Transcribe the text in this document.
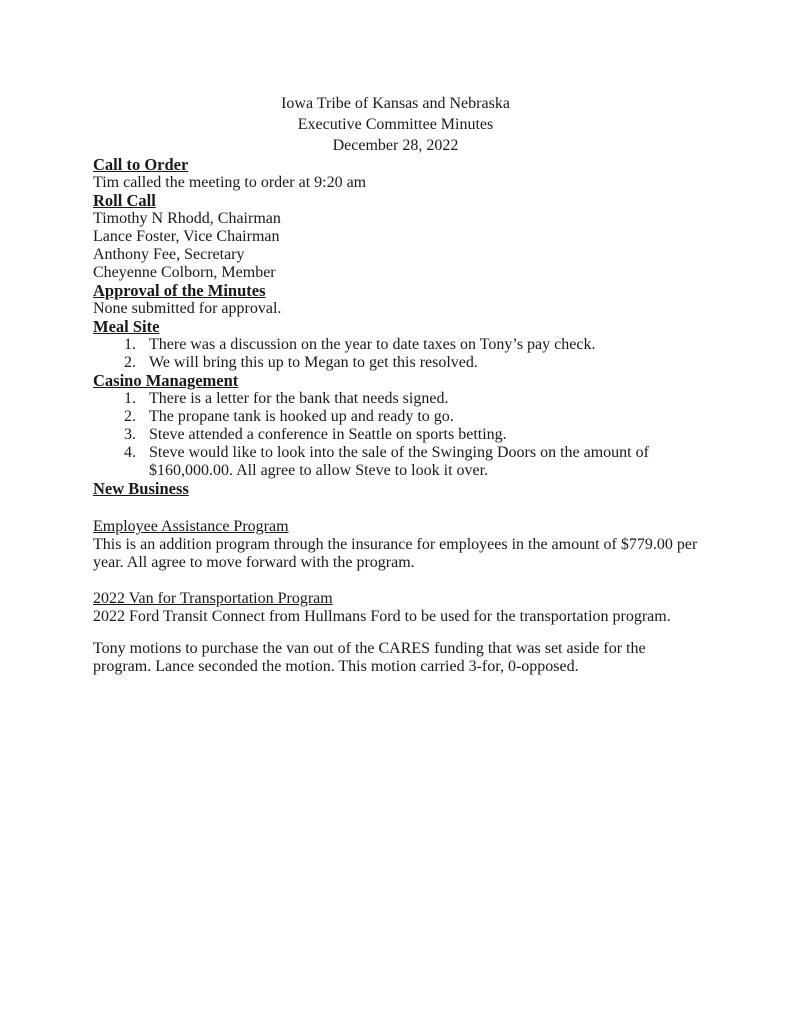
Iowa Tribe of Kansas and Nebraska
Executive Committee Minutes
December 28, 2022
Call to Order

Tim called the meeting to order at 9:20 am

Roll Call

Timothy N Rhodd, Chairman

Lance Foster, Vice Chairman

Anthony Fee, Secretary

Cheyenne Colborn, Member

Approval of the Minutes

None submitted for approval.

Meal Site
1. There was a discussion on the year to date taxes on Tony’s pay check.
2. We will bring this up to Megan to get this resolved.
Casino Management
1. There is a letter for the bank that needs signed.
2. The propane tank is hooked up and ready to go.
3. Steve attended a conference in Seattle on sports betting.
4. Steve would like to look into the sale of the Swinging Doors on the amount of $160,000.00. All agree to allow Steve to look it over.
New Business

Employee Assistance Program

This is an addition program through the insurance for employees in the amount of $779.00 per year. All agree to move forward with the program.

2022 Van for Transportation Program

2022 Ford Transit Connect from Hullmans Ford to be used for the transportation program.

Tony motions to purchase the van out of the CARES funding that was set aside for the program. Lance seconded the motion. This motion carried 3-for, 0-opposed.
